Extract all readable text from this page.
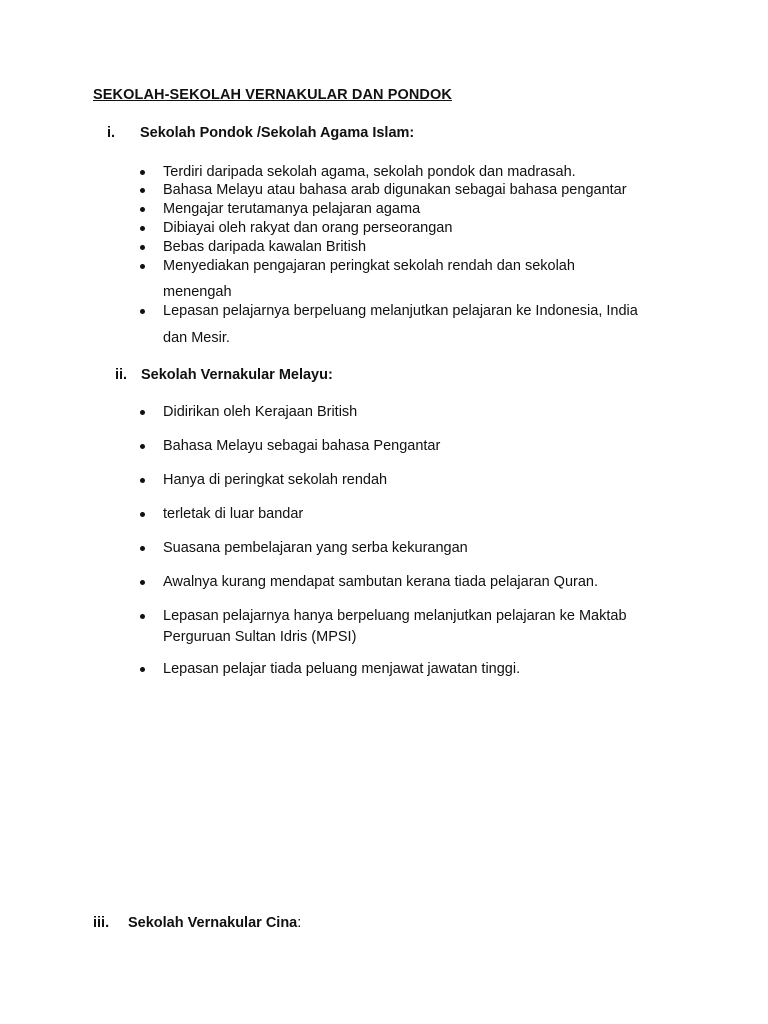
SEKOLAH-SEKOLAH VERNAKULAR DAN PONDOK
i. Sekolah Pondok /Sekolah Agama Islam:
Terdiri daripada sekolah agama, sekolah pondok dan madrasah.
Bahasa Melayu atau bahasa arab digunakan sebagai bahasa pengantar
Mengajar terutamanya pelajaran agama
Dibiayai oleh rakyat dan orang perseorangan
Bebas daripada kawalan British
Menyediakan pengajaran peringkat sekolah rendah dan sekolah
menengah
Lepasan pelajarnya berpeluang melanjutkan pelajaran ke Indonesia, India
dan Mesir.
ii. Sekolah Vernakular Melayu:
Didirikan oleh Kerajaan British
Bahasa Melayu sebagai bahasa Pengantar
Hanya di peringkat sekolah rendah
terletak di luar bandar
Suasana pembelajaran yang serba kekurangan
Awalnya kurang mendapat sambutan kerana tiada pelajaran Quran.
Lepasan pelajarnya hanya berpeluang melanjutkan pelajaran ke Maktab
Perguruan Sultan Idris (MPSI)
Lepasan pelajar tiada peluang menjawat jawatan tinggi.
iii. Sekolah Vernakular Cina:
